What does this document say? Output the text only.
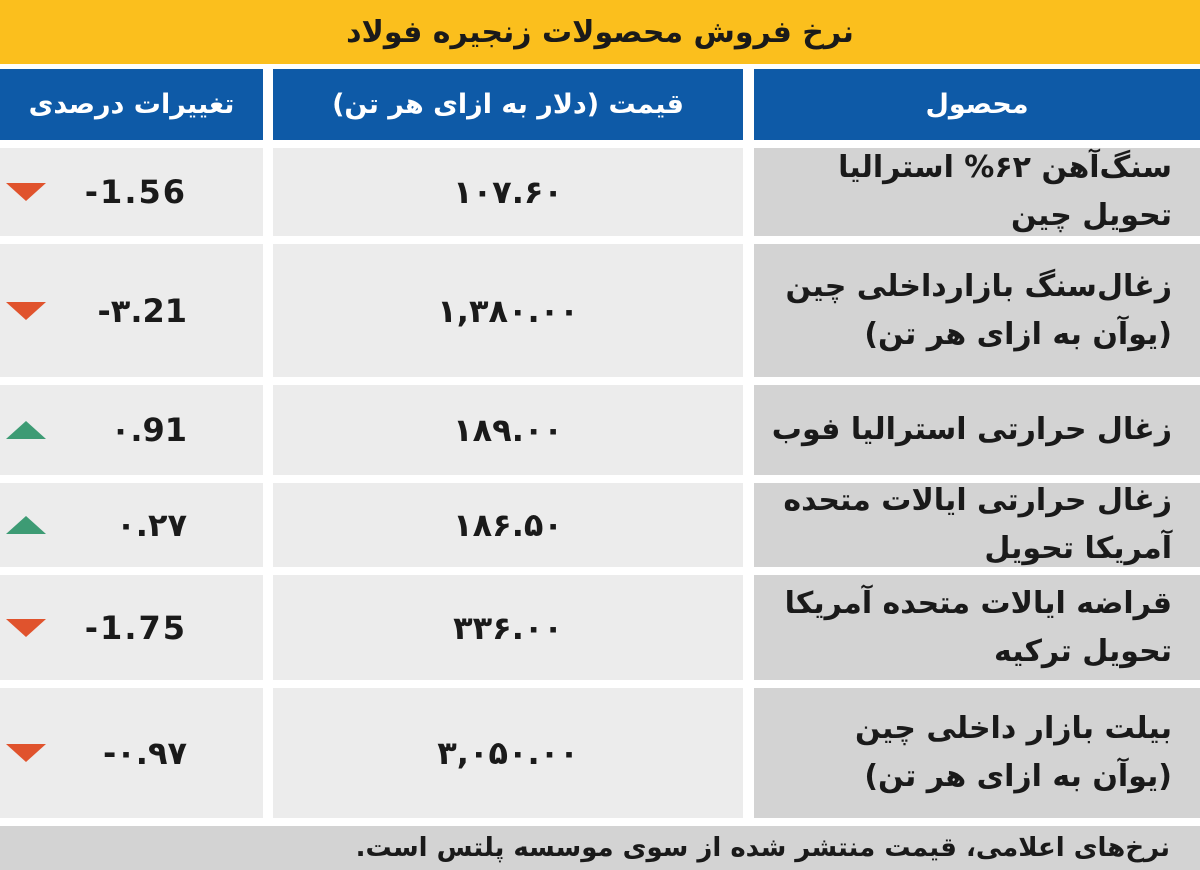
نرخ فروش محصولات زنجیره فولاد
محصول
قیمت (دلار به ازای هر تن)
تغییرات درصدی
سنگ‌آهن ۶۲% استرالیا تحویل چین
۱۰۷.۶۰
-1.56
زغال‌سنگ بازارداخلی چین (یوآن به ازای هر تن)
۱,۳۸۰.۰۰
-۳.21
زغال حرارتی استرالیا فوب
۱۸۹.۰۰
۰.91
زغال حرارتی ایالات متحده آمریکا تحویل
۱۸۶.۵۰
۰.۲۷
قراضه ایالات متحده آمریکا تحویل ترکیه
۳۳۶.۰۰
-1.75
بیلت بازار داخلی چین (یوآن به ازای هر تن)
۳,۰۵۰.۰۰
-۰.۹۷
نرخ‌های اعلامی، قیمت منتشر شده از سوی موسسه پلتس است.
